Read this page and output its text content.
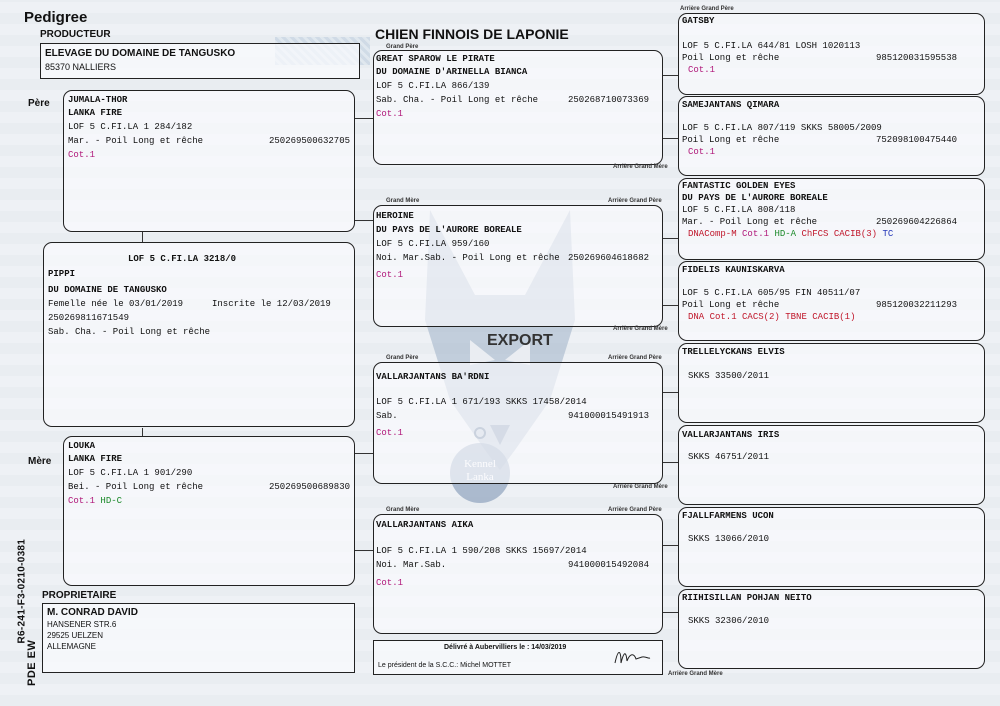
EXPORT
Pedigree
PRODUCTEUR	CHIEN FINNOIS DE LAPONIE
ELEVAGE DU DOMAINE DE TANGUSKO
85370 NALLIERS
Père
Mère
R6-241-F3-0210-0381
PDE EW
JUMALA-THOR
LANKA FIRE
LOF 5 C.FI.LA 1 284/182
Mar. - Poil Long et rêche	250269500632705
Cot.1
LOF 5 C.FI.LA 3218/0
PIPPI
DU DOMAINE DE TANGUSKO
Femelle née le 03/01/2019	Inscrite le 12/03/2019
250269811671549
Sab. Cha. - Poil Long et rêche
LOUKA
LANKA FIRE
LOF 5 C.FI.LA 1 901/290
Bei. - Poil Long et rêche	250269500689830
Cot.1 HD-C
PROPRIETAIRE
M. CONRAD DAVID
HANSENER STR.6
29525 UELZEN
ALLEMAGNE
Grand Père
Grand Mère
Grand Père
Grand Mère
GREAT SPAROW LE PIRATE
DU DOMAINE D'ARINELLA BIANCA
LOF 5 C.FI.LA 866/139
Sab. Cha. - Poil Long et rêche	250268710073369
Cot.1
HEROINE
DU PAYS DE L'AURORE BOREALE
LOF 5 C.FI.LA 959/160
Noi. Mar.Sab. - Poil Long et rêche 250269604618682
Cot.1
VALLARJANTANS BA'RDNI
LOF 5 C.FI.LA 1 671/193 SKKS 17458/2014
Sab.	941000015491913
Cot.1
VALLARJANTANS AIKA
LOF 5 C.FI.LA 1 590/208 SKKS 15697/2014
Noi. Mar.Sab.	941000015492084
Cot.1
Délivré à Aubervilliers le : 14/03/2019
Le président de la S.C.C.: Michel MOTTET
Arrière Grand Père
Arrière Grand Mère
Arrière Grand Père
Arrière Grand Mère
Arrière Grand Père
Arrière Grand Mère
Arrière Grand Père
Arrière Grand Mère
GATSBY
LOF 5 C.FI.LA 644/81 LOSH 1020113
Poil Long et rêche	985120031595538
Cot.1
SAMEJANTANS QIMARA
LOF 5 C.FI.LA 807/119 SKKS 58005/2009
Poil Long et rêche	752098100475440
Cot.1
FANTASTIC GOLDEN EYES
DU PAYS DE L'AURORE BOREALE
LOF 5 C.FI.LA 808/118
Mar. - Poil Long et rêche	250269604226864
DNAComp-M Cot.1 HD-A ChFCS CACIB(3) TC
FIDELIS KAUNISKARVA
LOF 5 C.FI.LA 605/95 FIN 40511/07
Poil Long et rêche	985120032211293
DNA Cot.1 CACS(2) TBNE CACIB(1)
TRELLELYCKANS ELVIS
SKKS 33500/2011
VALLARJANTANS IRIS
SKKS 46751/2011
FJALLFARMENS UCON
SKKS 13066/2010
RIIHISILLAN POHJAN NEITO
SKKS 32306/2010
